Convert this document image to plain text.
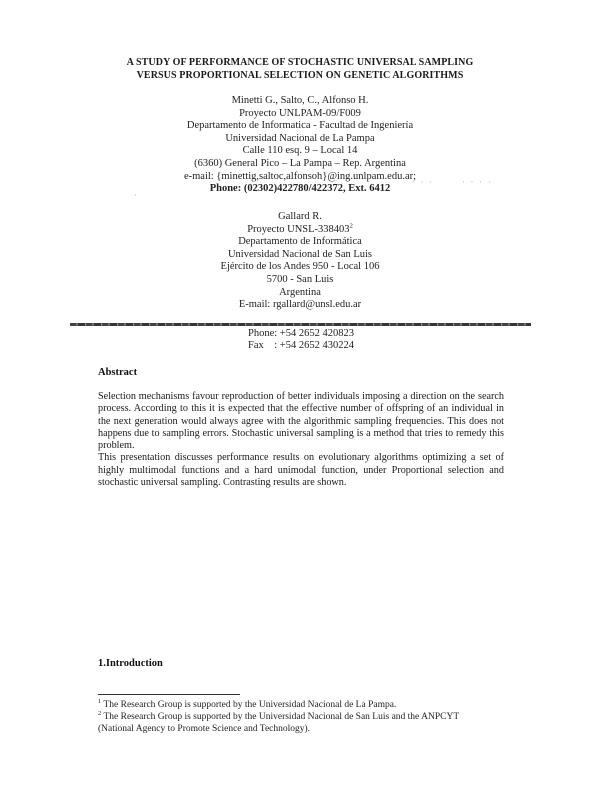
A STUDY OF PERFORMANCE OF STOCHASTIC UNIVERSAL SAMPLING
VERSUS PROPORTIONAL SELECTION ON GENETIC ALGORITHMS
Minetti G., Salto, C., Alfonso H.
Proyecto UNLPAM-09/F009
Departamento de Informatica - Facultad de Ingeniería
Universidad Nacional de La Pampa
Calle 110 esq. 9 – Local 14
(6360) General Pico – La Pampa – Rep. Argentina
e-mail: {minettig,saltoc,alfonsoh}@ing.unlpam.edu.ar;
Phone: (02302)422780/422372, Ext. 6412
·
· · ·	· · · ·
Gallard R.
Proyecto UNSL-338403$^2$
Departamento de Informática
Universidad Nacional de San Luis
Ejército de los Andes 950 - Local 106
5700 - San Luis
Argentina
E-mail: rgallard@unsl.edu.ar
Phone: +54 2652 420823
Fax    : +54 2652 430224
Abstract

Selection mechanisms favour reproduction of better individuals imposing a direction on the search process. According to this it is expected that the effective number of offspring of an individual in the next generation would always agree with the algorithmic sampling frequencies. This does not happens due to sampling errors. Stochastic universal sampling is a method that tries to remedy this problem.

This presentation discusses performance results on evolutionary algorithms optimizing a set of highly multimodal functions and a hard unimodal function, under Proportional selection and stochastic universal sampling. Contrasting results are shown.

1.Introduction
$^1$ The Research Group is supported by the Universidad Nacional de La Pampa.
$^2$ The Research Group is supported by the Universidad Nacional de San Luis and the ANPCYT
(National Agency to Promote Science and Technology).
